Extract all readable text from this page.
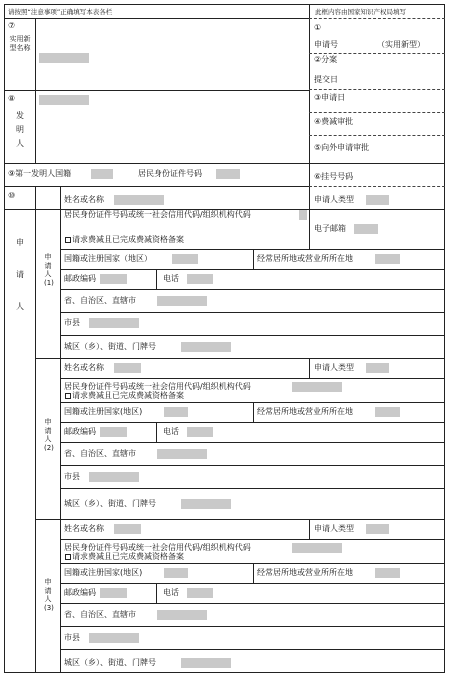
请按照“注意事项”正确填写本表各栏	此框内容由国家知识产权局填写
⑦
实用新型名称
⑧
发明人
⑨第一发明人国籍	居民身份证件号码
①
申请号	（实用新型）
②分案
提交日
③申请日
④费减审批
⑤向外申请审批
⑥挂号号码
⑩
申请人
申请人(1)
姓名或名称	申请人类型
居民身份证件号码或统一社会信用代码/组织机构代码
请求费减且已完成费减资格备案
电子邮箱
国籍或注册国家（地区）	经常居所地或营业所所在地
邮政编码	电话
省、自治区、直辖市
市县
城区（乡）、街道、门牌号
申请人(2)
姓名或名称	申请人类型
居民身份证件号码或统一社会信用代码/组织机构代码
请求费减且已完成费减资格备案
国籍或注册国家(地区)	经常居所地或营业所所在地
邮政编码	电话
省、自治区、直辖市
市县
城区（乡）、街道、门牌号
申请人(3)
姓名或名称	申请人类型
居民身份证件号码或统一社会信用代码/组织机构代码
请求费减且已完成费减资格备案
国籍或注册国家(地区)	经常居所地或营业所所在地
邮政编码	电话
省、自治区、直辖市
市县
城区（乡）、街道、门牌号
